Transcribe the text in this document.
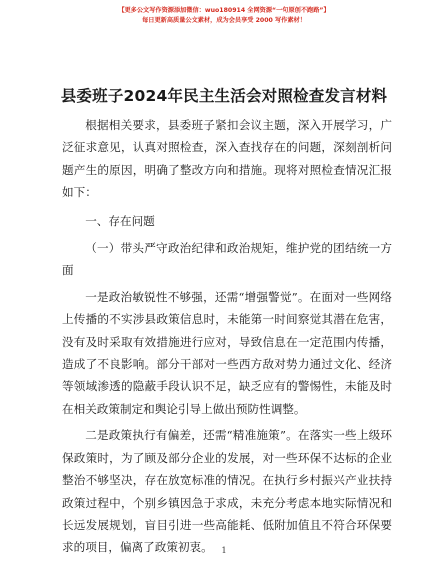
【更多公文写作资源添加微信：wuo180914 全网资源“一句原创不跑路”】
每日更新高质量公文素材，成为会员享受 2000 写作素材！
县委班子2024年民主生活会对照检查发言材料

根据相关要求，县委班子紧扣会议主题，深入开展学习，广泛征求意见，认真对照检查，深入查找存在的问题，深刻剖析问题产生的原因，明确了整改方向和措施。现将对照检查情况汇报如下：

一、存在问题

（一）带头严守政治纪律和政治规矩，维护党的团结统一方面

一是政治敏锐性不够强，还需“增强警觉”。在面对一些网络上传播的不实涉县政策信息时，未能第一时间察觉其潜在危害，没有及时采取有效措施进行应对，导致信息在一定范围内传播，造成了不良影响。部分干部对一些西方敌对势力通过文化、经济等领域渗透的隐蔽手段认识不足，缺乏应有的警惕性，未能及时在相关政策制定和舆论引导上做出预防性调整。

二是政策执行有偏差，还需“精准施策”。在落实一些上级环保政策时，为了顾及部分企业的发展，对一些环保不达标的企业整治不够坚决，存在放宽标准的情况。在执行乡村振兴产业扶持政策过程中，个别乡镇因急于求成，未充分考虑本地实际情况和长远发展规划，盲目引进一些高能耗、低附加值且不符合环保要求的项目，偏离了政策初衷。	1
